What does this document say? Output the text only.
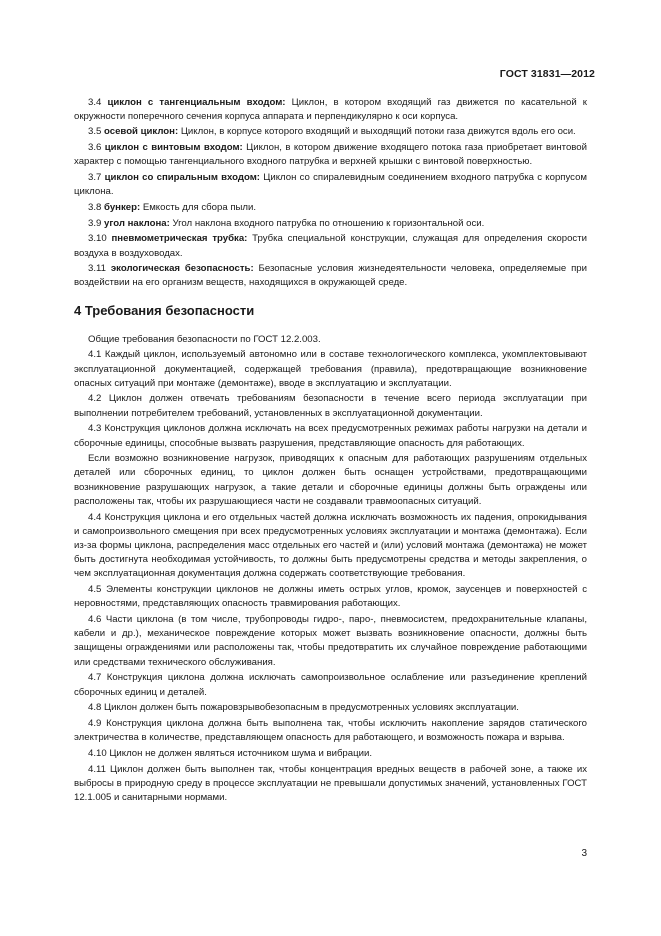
ГОСТ 31831—2012

3.4 циклон с тангенциальным входом: Циклон, в котором входящий газ движется по касательной к окружности поперечного сечения корпуса аппарата и перпендикулярно к оси корпуса.

3.5 осевой циклон: Циклон, в корпусе которого входящий и выходящий потоки газа движутся вдоль его оси.

3.6 циклон с винтовым входом: Циклон, в котором движение входящего потока газа приобретает винтовой характер с помощью тангенциального входного патрубка и верхней крышки с винтовой поверхностью.

3.7 циклон со спиральным входом: Циклон со спиралевидным соединением входного патрубка с корпусом циклона.

3.8 бункер: Емкость для сбора пыли.

3.9 угол наклона: Угол наклона входного патрубка по отношению к горизонтальной оси.

3.10 пневмометрическая трубка: Трубка специальной конструкции, служащая для определения скорости воздуха в воздуховодах.

3.11 экологическая безопасность: Безопасные условия жизнедеятельности человека, определяемые при воздействии на его организм веществ, находящихся в окружающей среде.

4 Требования безопасности

Общие требования безопасности по ГОСТ 12.2.003.

4.1 Каждый циклон, используемый автономно или в составе технологического комплекса, укомплектовывают эксплуатационной документацией, содержащей требования (правила), предотвращающие возникновение опасных ситуаций при монтаже (демонтаже), вводе в эксплуатацию и эксплуатации.

4.2 Циклон должен отвечать требованиям безопасности в течение всего периода эксплуатации при выполнении потребителем требований, установленных в эксплуатационной документации.

4.3 Конструкция циклонов должна исключать на всех предусмотренных режимах работы нагрузки на детали и сборочные единицы, способные вызвать разрушения, представляющие опасность для работающих.

Если возможно возникновение нагрузок, приводящих к опасным для работающих разрушениям отдельных деталей или сборочных единиц, то циклон должен быть оснащен устройствами, предотвращающими возникновение разрушающих нагрузок, а такие детали и сборочные единицы должны быть ограждены или расположены так, чтобы их разрушающиеся части не создавали травмоопасных ситуаций.

4.4 Конструкция циклона и его отдельных частей должна исключать возможность их падения, опрокидывания и самопроизвольного смещения при всех предусмотренных условиях эксплуатации и монтажа (демонтажа). Если из-за формы циклона, распределения масс отдельных его частей и (или) условий монтажа (демонтажа) не может быть достигнута необходимая устойчивость, то должны быть предусмотрены средства и методы закрепления, о чем эксплуатационная документация должна содержать соответствующие требования.

4.5 Элементы конструкции циклонов не должны иметь острых углов, кромок, заусенцев и поверхностей с неровностями, представляющих опасность травмирования работающих.

4.6 Части циклона (в том числе, трубопроводы гидро-, паро-, пневмосистем, предохранительные клапаны, кабели и др.), механическое повреждение которых может вызвать возникновение опасности, должны быть защищены ограждениями или расположены так, чтобы предотвратить их случайное повреждение работающими или средствами технического обслуживания.

4.7 Конструкция циклона должна исключать самопроизвольное ослабление или разъединение креплений сборочных единиц и деталей.

4.8 Циклон должен быть пожаровзрывобезопасным в предусмотренных условиях эксплуатации.

4.9 Конструкция циклона должна быть выполнена так, чтобы исключить накопление зарядов статического электричества в количестве, представляющем опасность для работающего, и возможность пожара и взрыва.

4.10 Циклон не должен являться источником шума и вибрации.

4.11 Циклон должен быть выполнен так, чтобы концентрация вредных веществ в рабочей зоне, а также их выбросы в природную среду в процессе эксплуатации не превышали допустимых значений, установленных ГОСТ 12.1.005 и санитарными нормами.

3
